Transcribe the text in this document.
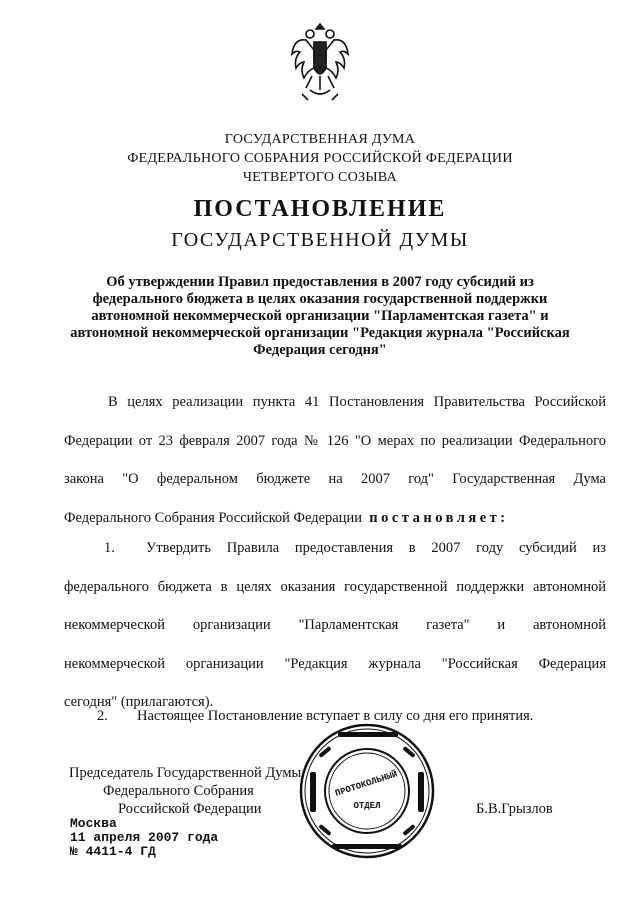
ГОСУДАРСТВЕННАЯ ДУМА
ФЕДЕРАЛЬНОГО СОБРАНИЯ РОССИЙСКОЙ ФЕДЕРАЦИИ
ЧЕТВЕРТОГО СОЗЫВА
ПОСТАНОВЛЕНИЕ
ГОСУДАРСТВЕННОЙ ДУМЫ
Об утверждении Правил предоставления в 2007 году субсидий из
федерального бюджета в целях оказания государственной поддержки
автономной некоммерческой организации "Парламентская газета" и
автономной некоммерческой организации "Редакция журнала "Российская
Федерация сегодня"
В целях реализации пункта 41 Постановления Правительства Российской
Федерации от 23 февраля 2007 года № 126 "О мерах по реализации Федерального
закона "О федеральном бюджете на 2007 год" Государственная Дума
Федерального Собрания Российской Федерации постановляет:
1. Утвердить Правила предоставления в 2007 году субсидий из
федерального бюджета в целях оказания государственной поддержки автономной
некоммерческой организации "Парламентская газета" и автономной
некоммерческой организации "Редакция журнала "Российская Федерация
сегодня" (прилагаются).
2. Настоящее Постановление вступает в силу со дня его принятия.
Председатель Государственной Думы
Федерального Собрания
Российской Федерации	Б.В.Грызлов
ПРОТОКОЛЬНЫЙ
ОТДЕЛ
Москва
11 апреля 2007 года
№ 4411-4 ГД
